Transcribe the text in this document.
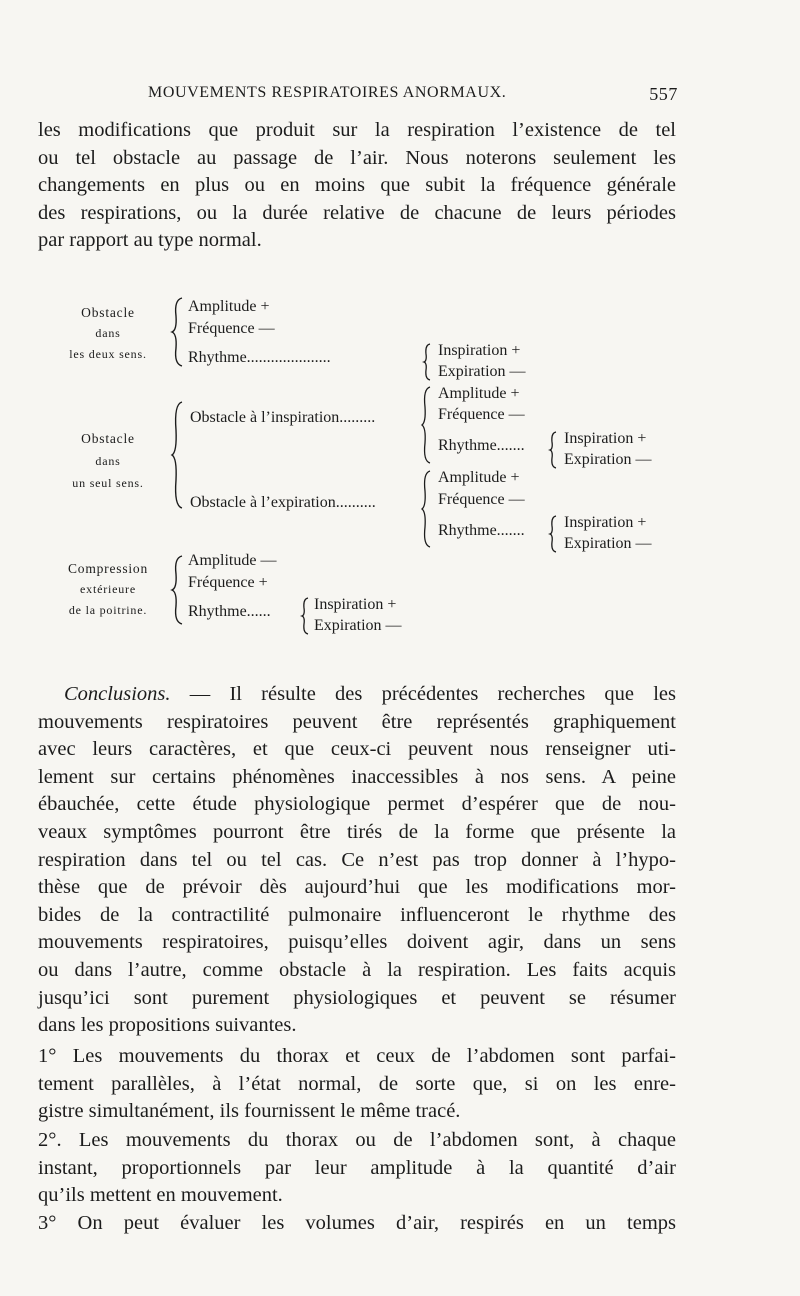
MOUVEMENTS RESPIRATOIRES ANORMAUX.	557
les modifications que produit sur la respiration l’existence de tel
ou tel obstacle au passage de l’air. Nous noterons seulement les
changements en plus ou en moins que subit la fréquence générale
des respirations, ou la durée relative de chacune de leurs périodes
par rapport au type normal.
Obstacle
dans
les deux sens.
Amplitude +
Fréquence —
Rhythme.....................	Inspiration +
Expiration —
Obstacle
dans
un seul sens.
Obstacle à l’inspiration.........
Amplitude +
Fréquence —
Rhythme....... Inspiration +
Expiration —
Obstacle à l’expiration..........
Amplitude +
Fréquence —
Rhythme....... Inspiration +
Expiration —
Compression
extérieure
de la poitrine.
Amplitude —
Fréquence +
Rhythme......	Inspiration +
Expiration —
Conclusions. — Il résulte des précédentes recherches que les
mouvements respiratoires peuvent être représentés graphiquement
avec leurs caractères, et que ceux-ci peuvent nous renseigner uti-
lement sur certains phénomènes inaccessibles à nos sens. A peine
ébauchée, cette étude physiologique permet d’espérer que de nou-
veaux symptômes pourront être tirés de la forme que présente la
respiration dans tel ou tel cas. Ce n’est pas trop donner à l’hypo-
thèse que de prévoir dès aujourd’hui que les modifications mor-
bides de la contractilité pulmonaire influenceront le rhythme des
mouvements respiratoires, puisqu’elles doivent agir, dans un sens
ou dans l’autre, comme obstacle à la respiration. Les faits acquis
jusqu’ici sont purement physiologiques et peuvent se résumer
dans les propositions suivantes.
1° Les mouvements du thorax et ceux de l’abdomen sont parfai-
tement parallèles, à l’état normal, de sorte que, si on les enre-
gistre simultanément, ils fournissent le même tracé.
2°. Les mouvements du thorax ou de l’abdomen sont, à chaque
instant, proportionnels par leur amplitude à la quantité d’air
qu’ils mettent en mouvement.
3° On peut évaluer les volumes d’air, respirés en un temps
